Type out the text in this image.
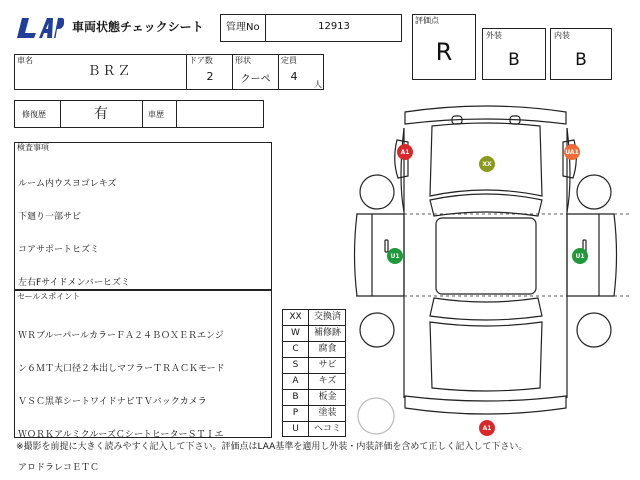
車両状態チェックシート 管理No	12913
評価点
R
外装
B
内装
B
車名
ＢＲＺ
ドア数
2
形状
クーペ
定員
4
人
修復歴	有	車歴
検査事項

ルーム内ウスヨゴレキズ

下廻り一部サビ

コアサポートヒズミ

左右Fサイドメンバーヒズミ

セールスポイント

ＷＲブルーパールカラーＦＡ２４ＢＯＸＥＲエンジ

ン６ＭＴ大口径２本出しマフラーＴＲＡＣＫモード

ＶＳＣ黒革シートワイドナビＴＶバックカメラ

ＷＯＲＫアルミクルーズＣシートヒーターＳＴＩエ

アロドラレコＥＴＣ

XX	交換済
W	補修跡
C	腐食
S	サビ
A	キズ
B	板金
P	塗装
U	ヘコミ
A1
XX
UA1
U1	U1
A1
※撮影を前提に大きく読みやすく記入して下さい。評価点はLAA基準を適用し外装・内装評価を含めて正しく記入して下さい。
